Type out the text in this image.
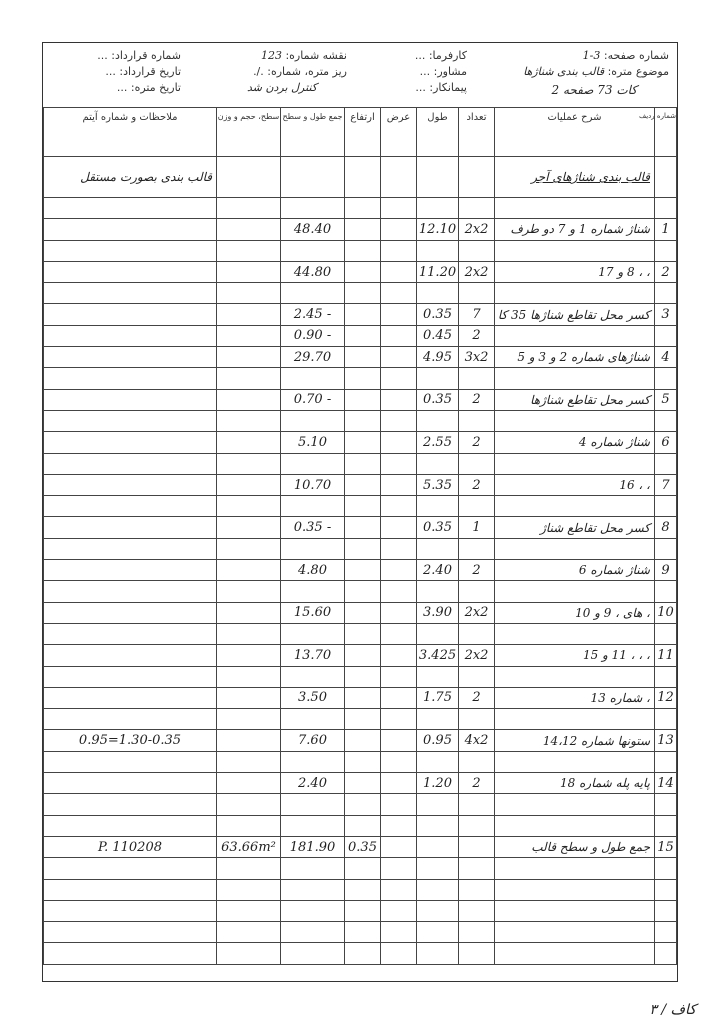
شماره صفحه: 3-1
موضوع متره: قالب بندی شناژها
کات 73 صفحه 2
کارفرما: ...
مشاور: ...
پیمانکار: ...
نقشه شماره: 123
ریز متره، شماره: ./.
کنترل بردن شد
شماره قرارداد: ...
تاریخ قرارداد: ...
تاریخ متره: ...
شماره ردیف	شرح عملیات	تعداد	طول	عرض	ارتفاع	جمع طول و سطح	سطح، حجم و وزن	ملاحظات و شماره آیتم
	قالب بندی شناژهای آجر							قالب بندی بصورت مستقل

1	شناژ شماره 1 و 7 دو طرف	2x2	12.10			48.40		

2	، ، 8 و 17	2x2	11.20			44.80		

3	کسر محل تقاطع شناژها 35 کا	7	0.35			- 2.45		
		2	0.45			- 0.90		
4	شناژهای شماره 2 و 3 و 5	3x2	4.95			29.70		

5	کسر محل تقاطع شناژها	2	0.35			- 0.70		

6	شناژ شماره 4	2	2.55			5.10		

7	، ، 16	2	5.35			10.70		

8	کسر محل تقاطع شناژ	1	0.35			- 0.35		

9	شناژ شماره 6	2	2.40			4.80		

10	، های ، 9 و 10	2x2	3.90			15.60		

11	، ، ، 11 و 15	2x2	3.425			13.70		

12	، شماره 13	2	1.75			3.50		

13	ستونها شماره 14،12	4x2	0.95			7.60		1.30-0.35=0.95

14	پایه پله شماره 18	2	1.20			2.40		

15	جمع طول و سطح قالب				0.35	181.90	63.66m²	P. 110208

۳ / کاف
